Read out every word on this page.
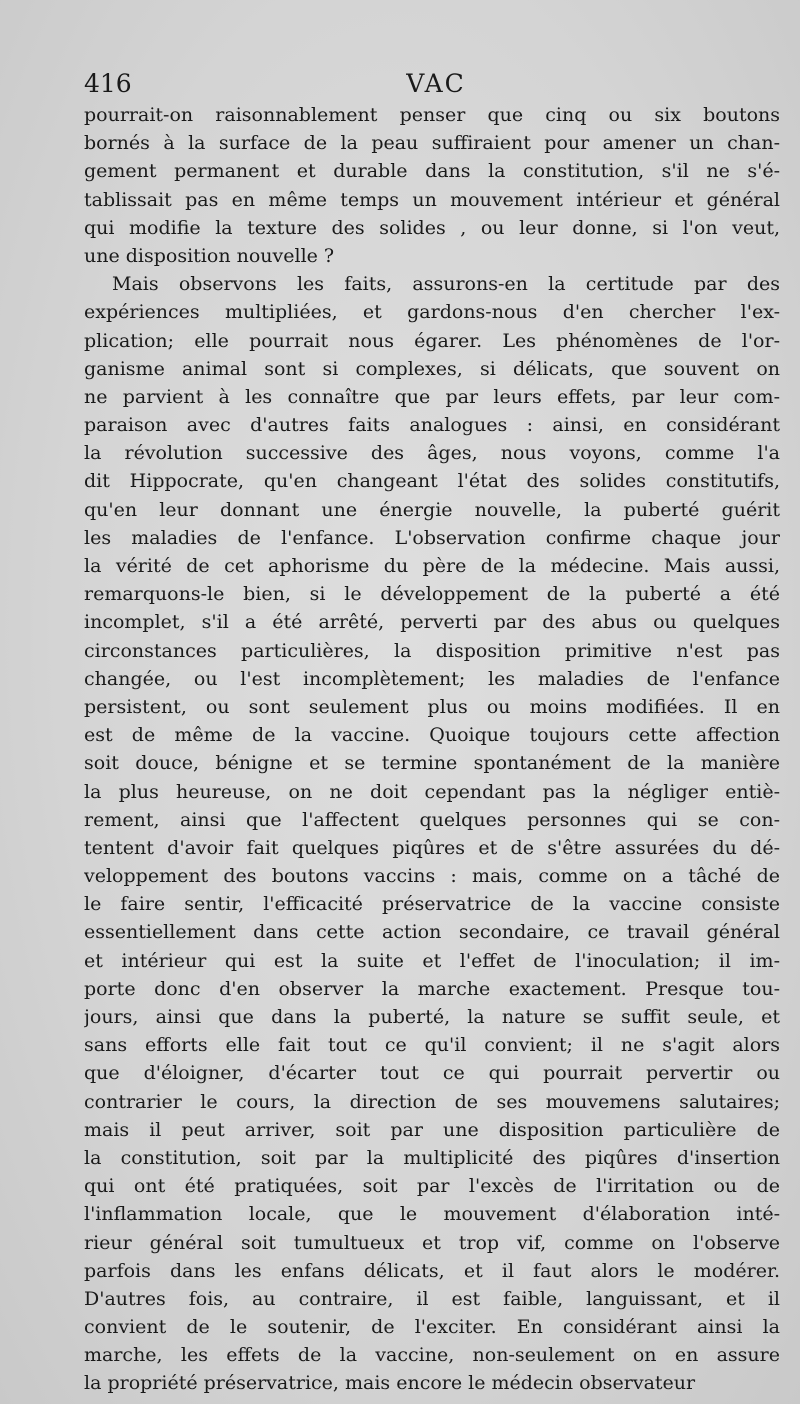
416	VAC
pourrait-on raisonnablement penser que cinq ou six boutons
bornés à la surface de la peau suffiraient pour amener un chan-
gement permanent et durable dans la constitution, s'il ne s'é-
tablissait pas en même temps un mouvement intérieur et général
qui modifie la texture des solides , ou leur donne, si l'on veut,
une disposition nouvelle ?
Mais observons les faits, assurons-en la certitude par des
expériences multipliées, et gardons-nous d'en chercher l'ex-
plication; elle pourrait nous égarer. Les phénomènes de l'or-
ganisme animal sont si complexes, si délicats, que souvent on
ne parvient à les connaître que par leurs effets, par leur com-
paraison avec d'autres faits analogues : ainsi, en considérant
la révolution successive des âges, nous voyons, comme l'a
dit Hippocrate, qu'en changeant l'état des solides constitutifs,
qu'en leur donnant une énergie nouvelle, la puberté guérit
les maladies de l'enfance. L'observation confirme chaque jour
la vérité de cet aphorisme du père de la médecine. Mais aussi,
remarquons-le bien, si le développement de la puberté a été
incomplet, s'il a été arrêté, perverti par des abus ou quelques
circonstances particulières, la disposition primitive n'est pas
changée, ou l'est incomplètement; les maladies de l'enfance
persistent, ou sont seulement plus ou moins modifiées. Il en
est de même de la vaccine. Quoique toujours cette affection
soit douce, bénigne et se termine spontanément de la manière
la plus heureuse, on ne doit cependant pas la négliger entiè-
rement, ainsi que l'affectent quelques personnes qui se con-
tentent d'avoir fait quelques piqûres et de s'être assurées du dé-
veloppement des boutons vaccins : mais, comme on a tâché de
le faire sentir, l'efficacité préservatrice de la vaccine consiste
essentiellement dans cette action secondaire, ce travail général
et intérieur qui est la suite et l'effet de l'inoculation; il im-
porte donc d'en observer la marche exactement. Presque tou-
jours, ainsi que dans la puberté, la nature se suffit seule, et
sans efforts elle fait tout ce qu'il convient; il ne s'agit alors
que d'éloigner, d'écarter tout ce qui pourrait pervertir ou
contrarier le cours, la direction de ses mouvemens salutaires;
mais il peut arriver, soit par une disposition particulière de
la constitution, soit par la multiplicité des piqûres d'insertion
qui ont été pratiquées, soit par l'excès de l'irritation ou de
l'inflammation locale, que le mouvement d'élaboration inté-
rieur général soit tumultueux et trop vif, comme on l'observe
parfois dans les enfans délicats, et il faut alors le modérer.
D'autres fois, au contraire, il est faible, languissant, et il
convient de le soutenir, de l'exciter. En considérant ainsi la
marche, les effets de la vaccine, non-seulement on en assure
la propriété préservatrice, mais encore le médecin observateur
